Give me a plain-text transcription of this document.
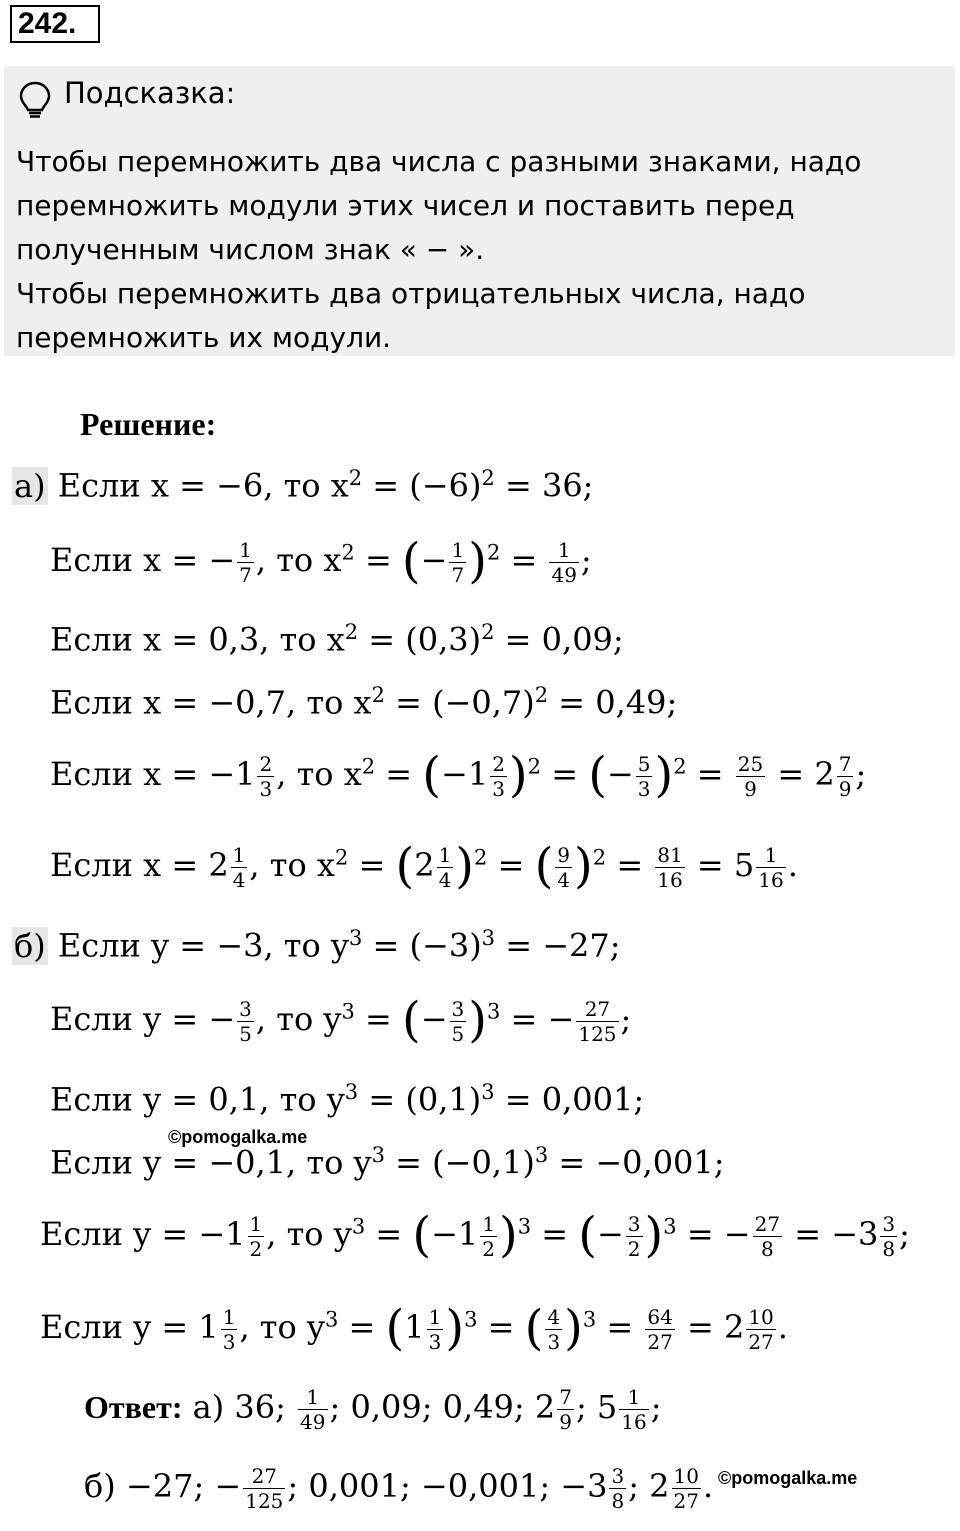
242.
Подсказка:
Чтобы перемножить два числа с разными знаками, надо
перемножить модули этих чисел и поставить перед
полученным числом знак « − ».
Чтобы перемножить два отрицательных числа, надо
перемножить их модули.
Решение:
а) Если x = −6, то $x^2 = (-6)^2 = 36$;
Если x = − $\frac{1}{7}$ , то $x^2$ = (− $\frac{1}{7} )^2 = \frac{1}{49}$ ;
Если x = 0,3, то $x^2 = (0,3)^2 = 0,09$;
Если x = −0,7, то $x^2 = (-0,7)^2 = 0,49$;
Если $x = -1 \frac{2}{3}$ , то $x^2 = (-1 \frac{2}{3} )^2$ = (− $\frac{5}{3} )^2 = \frac{25}{9} = 2 \frac{7}{9}$ ;
Если $x = 2 \frac{1}{4}$ , то $x^2 = (2 \frac{1}{4} )^2$ = ( $\frac{9}{4} )^2 = \frac{81}{16} = 5 \frac{1}{16}$ .
б) Если y = −3, то $y^3 = (-3)^3 = -27$;
Если y = − $\frac{3}{5}$ , то $y^3$ = (− $\frac{3}{5} )^3$ = − $\frac{27}{125}$ ;
Если y = 0,1, то $y^3 = (0,1)^3 = 0,001$;
©pomogalka.me
Если y = −0,1, то $y^3 = (-0,1)^3 = -0,001$;
Если $y = -1 \frac{1}{2}$ , то $y^3 = (-1 \frac{1}{2} )^3$ = (− $\frac{3}{2} )^3$ = − $\frac{27}{8} = -3 \frac{3}{8}$ ;
Если $y = 1 \frac{1}{3}$ , то $y^3 = (1 \frac{1}{3} )^3$ = ( $\frac{4}{3} )^3 = \frac{64}{27} = 2 \frac{10}{27}$ .
Ответ: а) 36; $\frac{1}{49}$ ; 0,09; 0,49; $2 \frac{7}{9}$ ; $5 \frac{1}{16}$ ;
б) −27; − $\frac{27}{125}$ ; 0,001; −0,001; $-3 \frac{3}{8}$ ; $2 \frac{10}{27}$ . ©pomogalka.me
